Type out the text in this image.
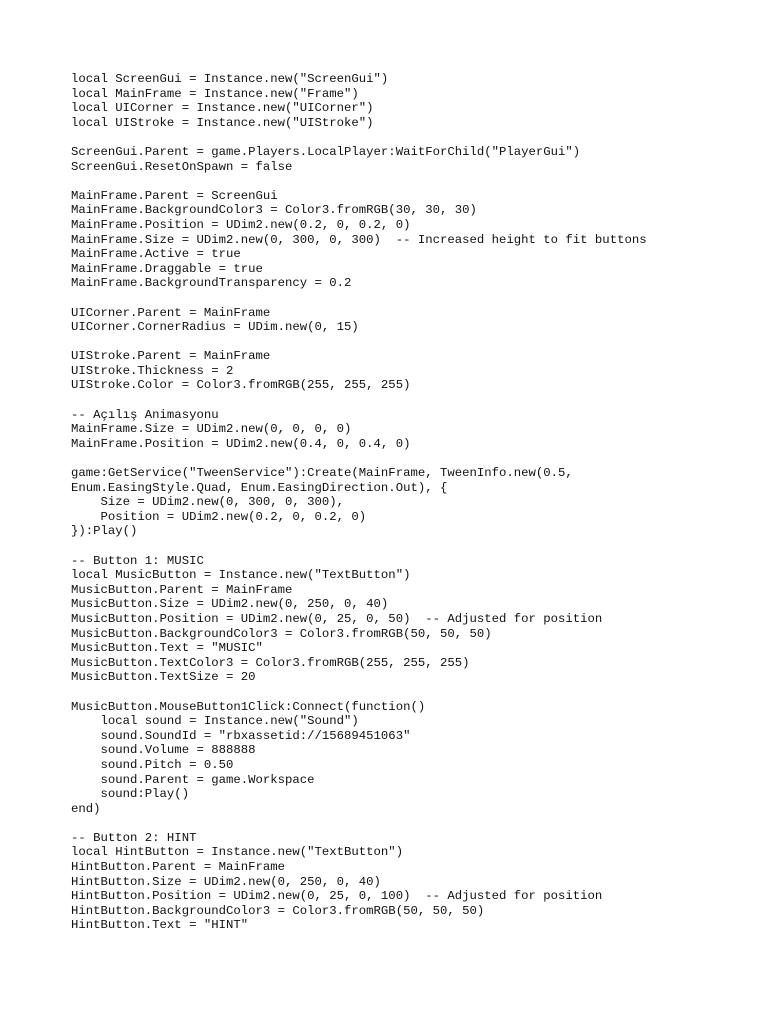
local ScreenGui = Instance.new("ScreenGui")
local MainFrame = Instance.new("Frame")
local UICorner = Instance.new("UICorner")
local UIStroke = Instance.new("UIStroke")
ScreenGui.Parent = game.Players.LocalPlayer:WaitForChild("PlayerGui")
ScreenGui.ResetOnSpawn = false
MainFrame.Parent = ScreenGui
MainFrame.BackgroundColor3 = Color3.fromRGB(30, 30, 30)
MainFrame.Position = UDim2.new(0.2, 0, 0.2, 0)
MainFrame.Size = UDim2.new(0, 300, 0, 300)  -- Increased height to fit buttons
MainFrame.Active = true
MainFrame.Draggable = true
MainFrame.BackgroundTransparency = 0.2
UICorner.Parent = MainFrame
UICorner.CornerRadius = UDim.new(0, 15)
UIStroke.Parent = MainFrame
UIStroke.Thickness = 2
UIStroke.Color = Color3.fromRGB(255, 255, 255)
-- Açılış Animasyonu
MainFrame.Size = UDim2.new(0, 0, 0, 0)
MainFrame.Position = UDim2.new(0.4, 0, 0.4, 0)
game:GetService("TweenService"):Create(MainFrame, TweenInfo.new(0.5,
Enum.EasingStyle.Quad, Enum.EasingDirection.Out), {
Size = UDim2.new(0, 300, 0, 300),
Position = UDim2.new(0.2, 0, 0.2, 0)
}):Play()
-- Button 1: MUSIC
local MusicButton = Instance.new("TextButton")
MusicButton.Parent = MainFrame
MusicButton.Size = UDim2.new(0, 250, 0, 40)
MusicButton.Position = UDim2.new(0, 25, 0, 50)  -- Adjusted for position
MusicButton.BackgroundColor3 = Color3.fromRGB(50, 50, 50)
MusicButton.Text = "MUSIC"
MusicButton.TextColor3 = Color3.fromRGB(255, 255, 255)
MusicButton.TextSize = 20
MusicButton.MouseButton1Click:Connect(function()
local sound = Instance.new("Sound")
sound.SoundId = "rbxassetid://15689451063"
sound.Volume = 888888
sound.Pitch = 0.50
sound.Parent = game.Workspace
sound:Play()
end)
-- Button 2: HINT
local HintButton = Instance.new("TextButton")
HintButton.Parent = MainFrame
HintButton.Size = UDim2.new(0, 250, 0, 40)
HintButton.Position = UDim2.new(0, 25, 0, 100)  -- Adjusted for position
HintButton.BackgroundColor3 = Color3.fromRGB(50, 50, 50)
HintButton.Text = "HINT"
